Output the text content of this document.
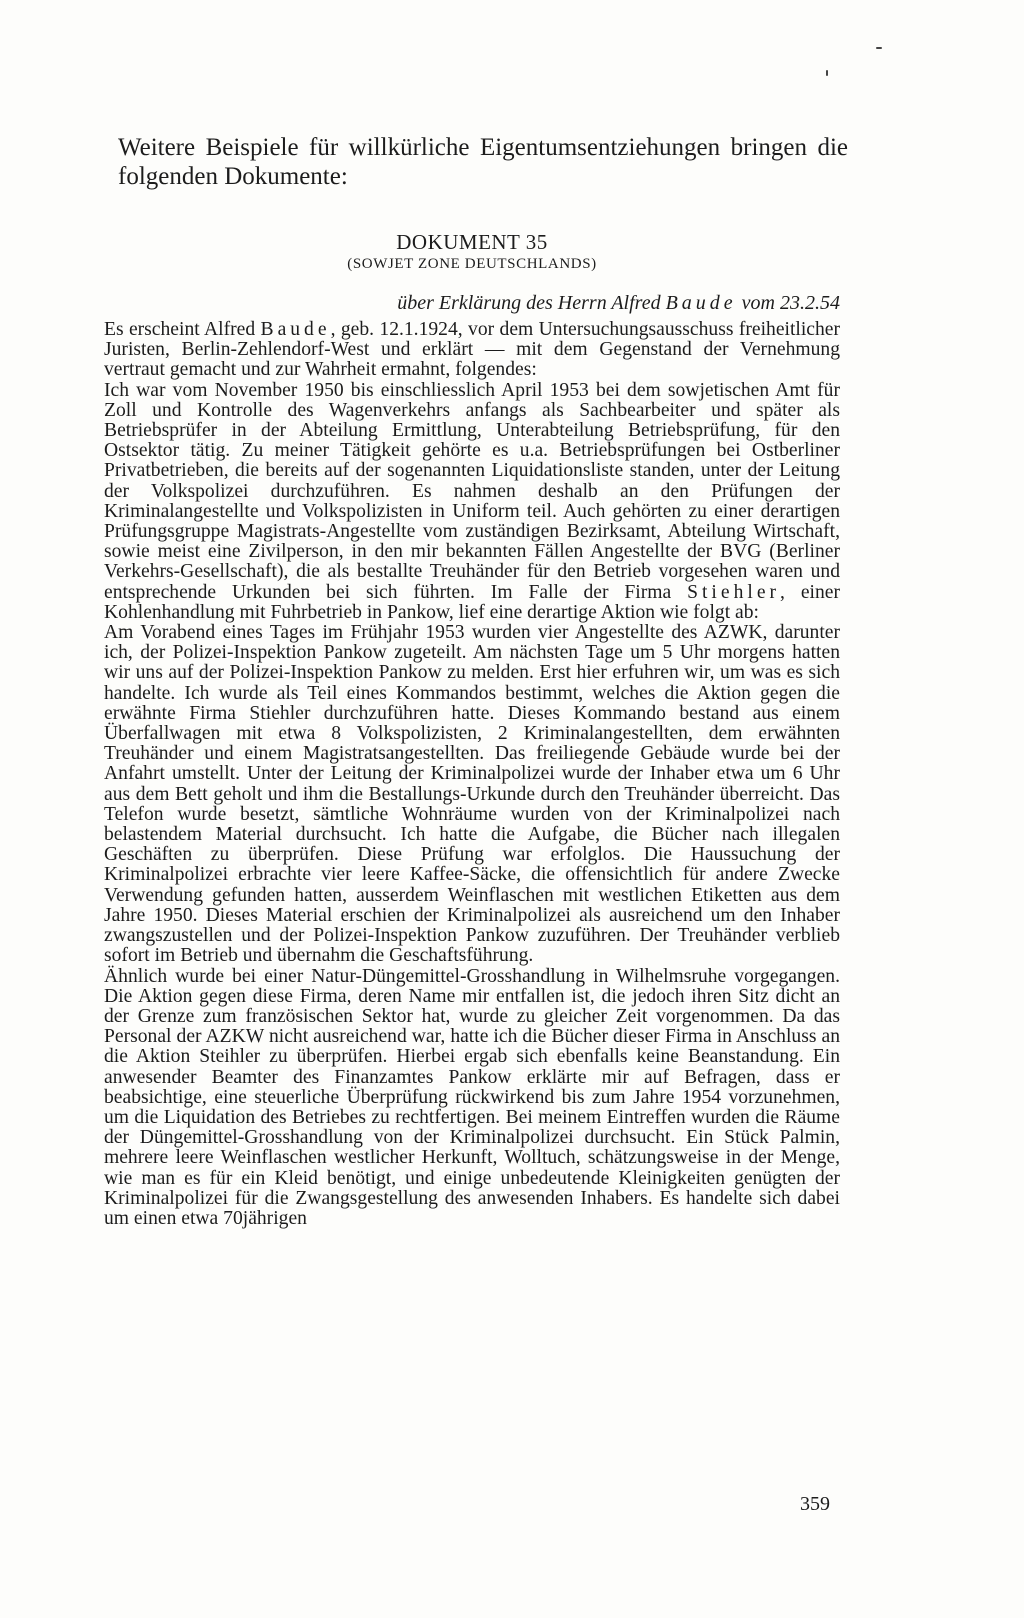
Weitere Beispiele für willkürliche Eigentumsentziehungen bringen die folgenden Dokumente:
DOKUMENT 35
(SOWJET ZONE DEUTSCHLANDS)
über Erklärung des Herrn Alfred Baude vom 23.2.54

Es erscheint Alfred Baude, geb. 12.1.1924, vor dem Untersuchungsausschuss freiheitlicher Juristen, Berlin-Zehlendorf-West und erklärt — mit dem Gegenstand der Vernehmung vertraut gemacht und zur Wahrheit ermahnt, folgendes:

Ich war vom November 1950 bis einschliesslich April 1953 bei dem sowjetischen Amt für Zoll und Kontrolle des Wagenverkehrs anfangs als Sachbearbeiter und später als Betriebsprüfer in der Abteilung Ermittlung, Unterabteilung Betriebsprüfung, für den Ostsektor tätig. Zu meiner Tätigkeit gehörte es u.a. Betriebsprüfungen bei Ostberliner Privatbetrieben, die bereits auf der sogenannten Liquidationsliste standen, unter der Leitung der Volkspolizei durchzuführen. Es nahmen deshalb an den Prüfungen der Kriminalangestellte und Volkspolizisten in Uniform teil. Auch gehörten zu einer derartigen Prüfungsgruppe Magistrats-Angestellte vom zuständigen Bezirksamt, Abteilung Wirtschaft, sowie meist eine Zivilperson, in den mir bekannten Fällen Angestellte der BVG (Berliner Verkehrs-Gesellschaft), die als bestallte Treuhänder für den Betrieb vorgesehen waren und entsprechende Urkunden bei sich führten. Im Falle der Firma Stiehler, einer Kohlenhandlung mit Fuhrbetrieb in Pankow, lief eine derartige Aktion wie folgt ab:

Am Vorabend eines Tages im Frühjahr 1953 wurden vier Angestellte des AZWK, darunter ich, der Polizei-Inspektion Pankow zugeteilt. Am nächsten Tage um 5 Uhr morgens hatten wir uns auf der Polizei-Inspektion Pankow zu melden. Erst hier erfuhren wir, um was es sich handelte. Ich wurde als Teil eines Kommandos bestimmt, welches die Aktion gegen die erwähnte Firma Stiehler durchzuführen hatte. Dieses Kommando bestand aus einem Überfallwagen mit etwa 8 Volkspolizisten, 2 Kriminalangestellten, dem erwähnten Treuhänder und einem Magistratsangestellten. Das freiliegende Gebäude wurde bei der Anfahrt umstellt. Unter der Leitung der Kriminalpolizei wurde der Inhaber etwa um 6 Uhr aus dem Bett geholt und ihm die Bestallungs-Urkunde durch den Treuhänder überreicht. Das Telefon wurde besetzt, sämtliche Wohnräume wurden von der Kriminalpolizei nach belastendem Material durchsucht. Ich hatte die Aufgabe, die Bücher nach illegalen Geschäften zu überprüfen. Diese Prüfung war erfolglos. Die Haussuchung der Kriminalpolizei erbrachte vier leere Kaffee-Säcke, die offensichtlich für andere Zwecke Verwendung gefunden hatten, ausserdem Weinflaschen mit westlichen Etiketten aus dem Jahre 1950. Dieses Material erschien der Kriminalpolizei als ausreichend um den Inhaber zwangszustellen und der Polizei-Inspektion Pankow zuzuführen. Der Treuhänder verblieb sofort im Betrieb und übernahm die Geschaftsführung.

Ähnlich wurde bei einer Natur-Düngemittel-Grosshandlung in Wilhelmsruhe vorgegangen. Die Aktion gegen diese Firma, deren Name mir entfallen ist, die jedoch ihren Sitz dicht an der Grenze zum französischen Sektor hat, wurde zu gleicher Zeit vorgenommen. Da das Personal der AZKW nicht ausreichend war, hatte ich die Bücher dieser Firma in Anschluss an die Aktion Steihler zu überprüfen. Hierbei ergab sich ebenfalls keine Beanstandung. Ein anwesender Beamter des Finanzamtes Pankow erklärte mir auf Befragen, dass er beabsichtige, eine steuerliche Überprüfung rückwirkend bis zum Jahre 1954 vorzunehmen, um die Liquidation des Betriebes zu rechtfertigen. Bei meinem Eintreffen wurden die Räume der Düngemittel-Grosshandlung von der Kriminalpolizei durchsucht. Ein Stück Palmin, mehrere leere Weinflaschen westlicher Herkunft, Wolltuch, schätzungsweise in der Menge, wie man es für ein Kleid benötigt, und einige unbedeutende Kleinigkeiten genügten der Kriminalpolizei für die Zwangsgestellung des anwesenden Inhabers. Es handelte sich dabei um einen etwa 70jährigen

359
